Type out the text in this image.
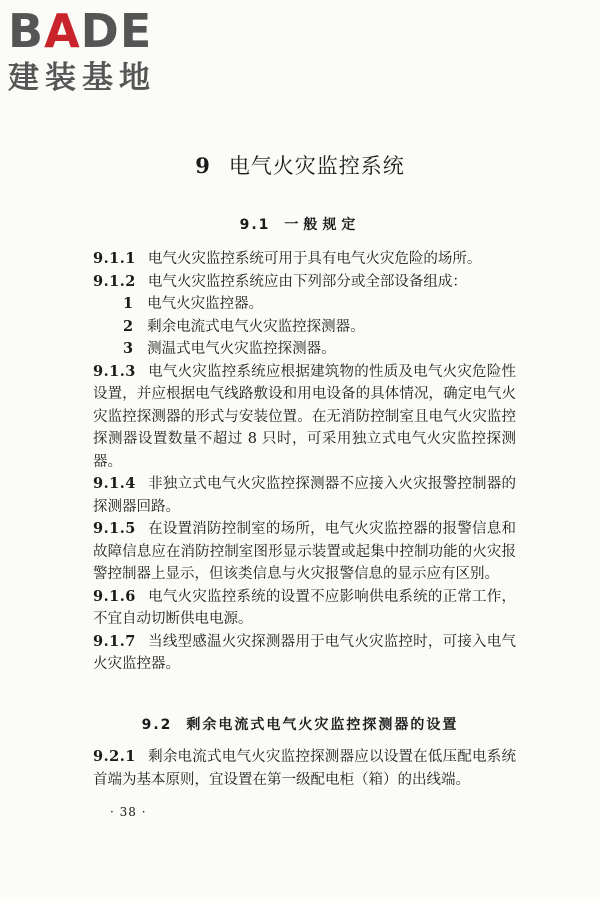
BADE
建装基地
9 电气火灾监控系统
9.1 一般规定

9.1.1 电气火灾监控系统可用于具有电气火灾危险的场所。

9.1.2 电气火灾监控系统应由下列部分或全部设备组成：

1 电气火灾监控器。

2 剩余电流式电气火灾监控探测器。

3 测温式电气火灾监控探测器。

9.1.3 电气火灾监控系统应根据建筑物的性质及电气火灾危险性设置，并应根据电气线路敷设和用电设备的具体情况，确定电气火灾监控探测器的形式与安装位置。在无消防控制室且电气火灾监控探测器设置数量不超过 8 只时，可采用独立式电气火灾监控探测器。

9.1.4 非独立式电气火灾监控探测器不应接入火灾报警控制器的探测器回路。

9.1.5 在设置消防控制室的场所，电气火灾监控器的报警信息和故障信息应在消防控制室图形显示装置或起集中控制功能的火灾报警控制器上显示，但该类信息与火灾报警信息的显示应有区别。

9.1.6 电气火灾监控系统的设置不应影响供电系统的正常工作，不宜自动切断供电电源。

9.1.7 当线型感温火灾探测器用于电气火灾监控时，可接入电气火灾监控器。

9.2 剩余电流式电气火灾监控探测器的设置

9.2.1 剩余电流式电气火灾监控探测器应以设置在低压配电系统首端为基本原则，宜设置在第一级配电柜（箱）的出线端。

· 38 ·
